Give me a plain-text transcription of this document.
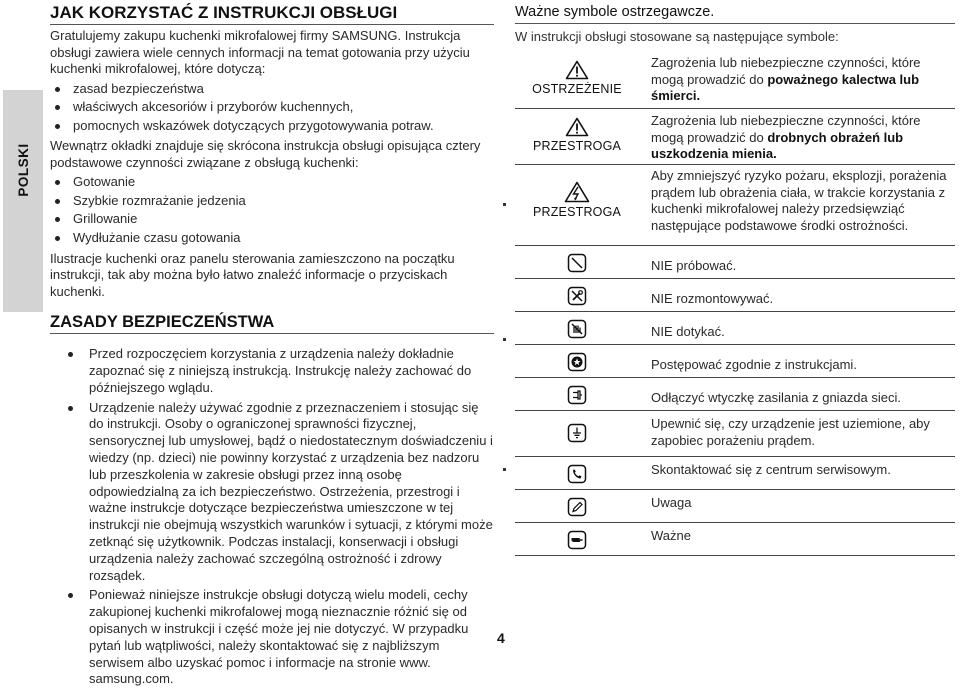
POLSKI
JAK KORZYSTAĆ Z INSTRUKCJI OBSŁUGI

Gratulujemy zakupu kuchenki mikrofalowej firmy SAMSUNG. Instrukcja obsługi zawiera wiele cennych informacji na temat gotowania przy użyciu kuchenki mikrofalowej, które dotyczą:

zasad bezpieczeństwa
właściwych akcesoriów i przyborów kuchennych,
pomocnych wskazówek dotyczących przygotowywania potraw.

Wewnątrz okładki znajduje się skrócona instrukcja obsługi opisująca cztery podstawowe czynności związane z obsługą kuchenki:

Gotowanie
Szybkie rozmrażanie jedzenia
Grillowanie
Wydłużanie czasu gotowania

Ilustracje kuchenki oraz panelu sterowania zamieszczono na początku instrukcji, tak aby można było łatwo znaleźć informacje o przyciskach kuchenki.

ZASADY BEZPIECZEŃSTWA
Przed rozpoczęciem korzystania z urządzenia należy dokładnie zapoznać się z niniejszą instrukcją. Instrukcję należy zachować do późniejszego wglądu.
Urządzenie należy używać zgodnie z przeznaczeniem i stosując się do instrukcji. Osoby o ograniczonej sprawności fizycznej, sensorycznej lub umysłowej, bądź o niedostatecznym doświadczeniu i wiedzy (np. dzieci) nie powinny korzystać z urządzenia bez nadzoru lub przeszkolenia w zakresie obsługi przez inną osobę odpowiedzialną za ich bezpieczeństwo. Ostrzeżenia, przestrogi i ważne instrukcje dotyczące bezpieczeństwa umieszczone w tej instrukcji nie obejmują wszystkich warunków i sytuacji, z którymi może zetknąć się użytkownik. Podczas instalacji, konserwacji i obsługi urządzenia należy zachować szczególną ostrożność i zdrowy rozsądek.
Ponieważ niniejsze instrukcje obsługi dotyczą wielu modeli, cechy zakupionej kuchenki mikrofalowej mogą nieznacznie różnić się od opisanych w instrukcji i część może jej nie dotyczyć. W przypadku pytań lub wątpliwości, należy skontaktować się z najbliższym serwisem albo uzyskać pomoc i informacje na stronie www. samsung.com.
4
Ważne symbole ostrzegawcze.
W instrukcji obsługi stosowane są następujące symbole:
OSTRZEŻENIE
Zagrożenia lub niebezpieczne czynności, które mogą prowadzić do poważnego kalectwa lub śmierci.
PRZESTROGA
Zagrożenia lub niebezpieczne czynności, które mogą prowadzić do drobnych obrażeń lub uszkodzenia mienia.
PRZESTROGA
Aby zmniejszyć ryzyko pożaru, eksplozji, porażenia prądem lub obrażenia ciała, w trakcie korzystania z kuchenki mikrofalowej należy przedsięwziąć następujące podstawowe środki ostrożności.
NIE próbować.
NIE rozmontowywać.
NIE dotykać.
Postępować zgodnie z instrukcjami.
Odłączyć wtyczkę zasilania z gniazda sieci.
Upewnić się, czy urządzenie jest uziemione, aby zapobiec porażeniu prądem.
Skontaktować się z centrum serwisowym.
Uwaga
Ważne
